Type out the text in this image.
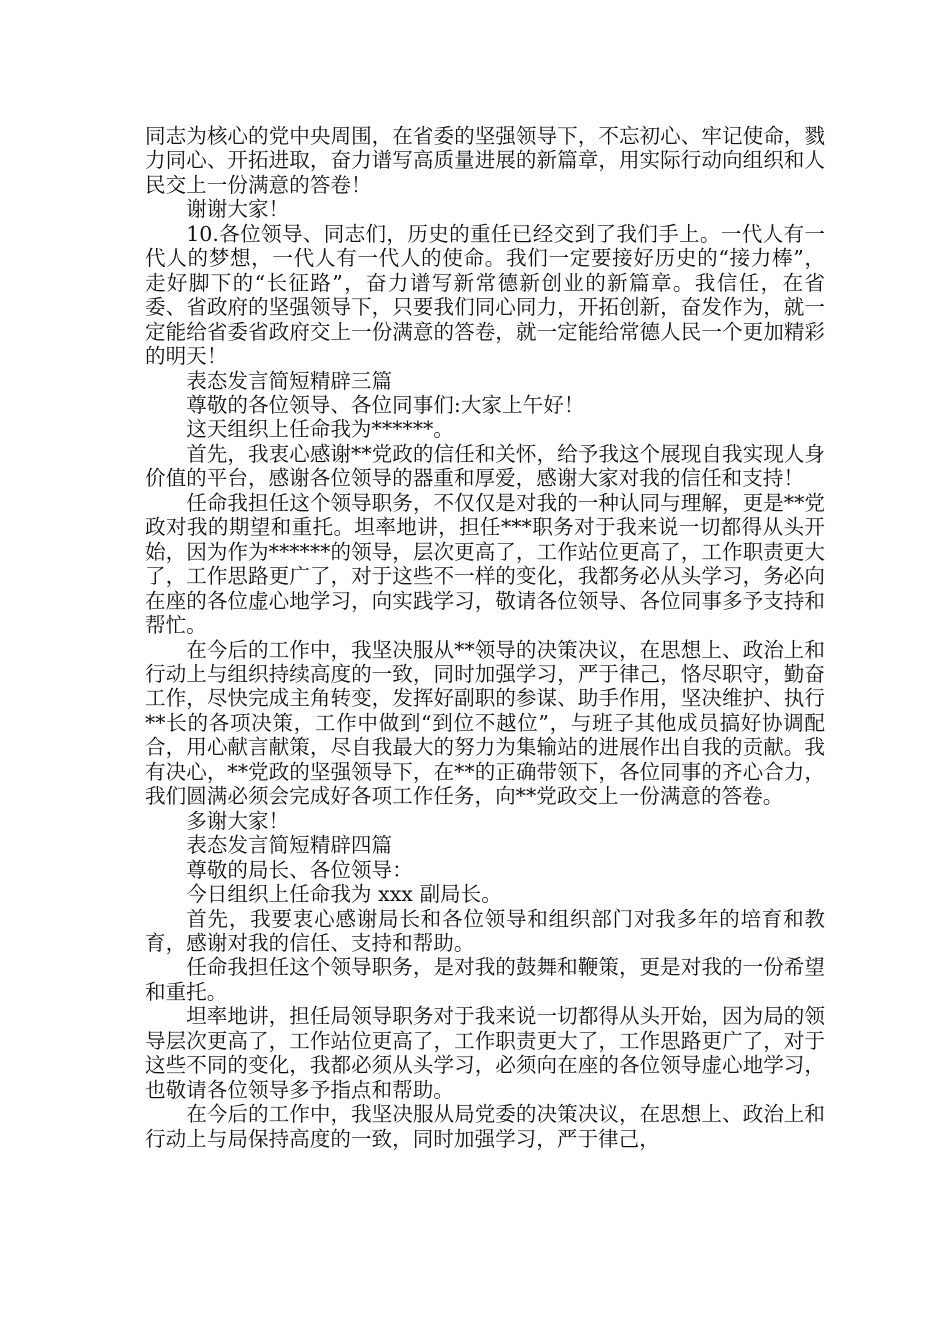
同志为核心的党中央周围，在省委的坚强领导下，不忘初心、牢记使命，戮力同心、开拓进取，奋力谱写高质量进展的新篇章，用实际行动向组织和人民交上一份满意的答卷！

谢谢大家！

10.各位领导、同志们，历史的重任已经交到了我们手上。一代人有一代人的梦想，一代人有一代人的使命。我们一定要接好历史的“接力棒”，走好脚下的“长征路”，奋力谱写新常德新创业的新篇章。我信任，在省委、省政府的坚强领导下，只要我们同心同力，开拓创新，奋发作为，就一定能给省委省政府交上一份满意的答卷，就一定能给常德人民一个更加精彩的明天！

表态发言简短精辟三篇

尊敬的各位领导、各位同事们:大家上午好！

这天组织上任命我为******。

首先，我衷心感谢**党政的信任和关怀，给予我这个展现自我实现人身价值的平台，感谢各位领导的器重和厚爱，感谢大家对我的信任和支持！

任命我担任这个领导职务，不仅仅是对我的一种认同与理解，更是**党政对我的期望和重托。坦率地讲，担任***职务对于我来说一切都得从头开始，因为作为******的领导，层次更高了，工作站位更高了，工作职责更大了，工作思路更广了，对于这些不一样的变化，我都务必从头学习，务必向在座的各位虚心地学习，向实践学习，敬请各位领导、各位同事多予支持和帮忙。

在今后的工作中，我坚决服从**领导的决策决议，在思想上、政治上和行动上与组织持续高度的一致，同时加强学习，严于律己，恪尽职守，勤奋工作，尽快完成主角转变，发挥好副职的参谋、助手作用，坚决维护、执行**长的各项决策，工作中做到“到位不越位”，与班子其他成员搞好协调配合，用心献言献策，尽自我最大的努力为集输站的进展作出自我的贡献。我有决心，**党政的坚强领导下，在**的正确带领下，各位同事的齐心合力，我们圆满必须会完成好各项工作任务，向**党政交上一份满意的答卷。

多谢大家！

表态发言简短精辟四篇

尊敬的局长、各位领导：

今日组织上任命我为 xxx 副局长。

首先，我要衷心感谢局长和各位领导和组织部门对我多年的培育和教育，感谢对我的信任、支持和帮助。

任命我担任这个领导职务，是对我的鼓舞和鞭策，更是对我的一份希望和重托。

坦率地讲，担任局领导职务对于我来说一切都得从头开始，因为局的领导层次更高了，工作站位更高了，工作职责更大了，工作思路更广了，对于这些不同的变化，我都必须从头学习，必须向在座的各位领导虚心地学习，也敬请各位领导多予指点和帮助。

在今后的工作中，我坚决服从局党委的决策决议，在思想上、政治上和行动上与局保持高度的一致，同时加强学习，严于律己，
